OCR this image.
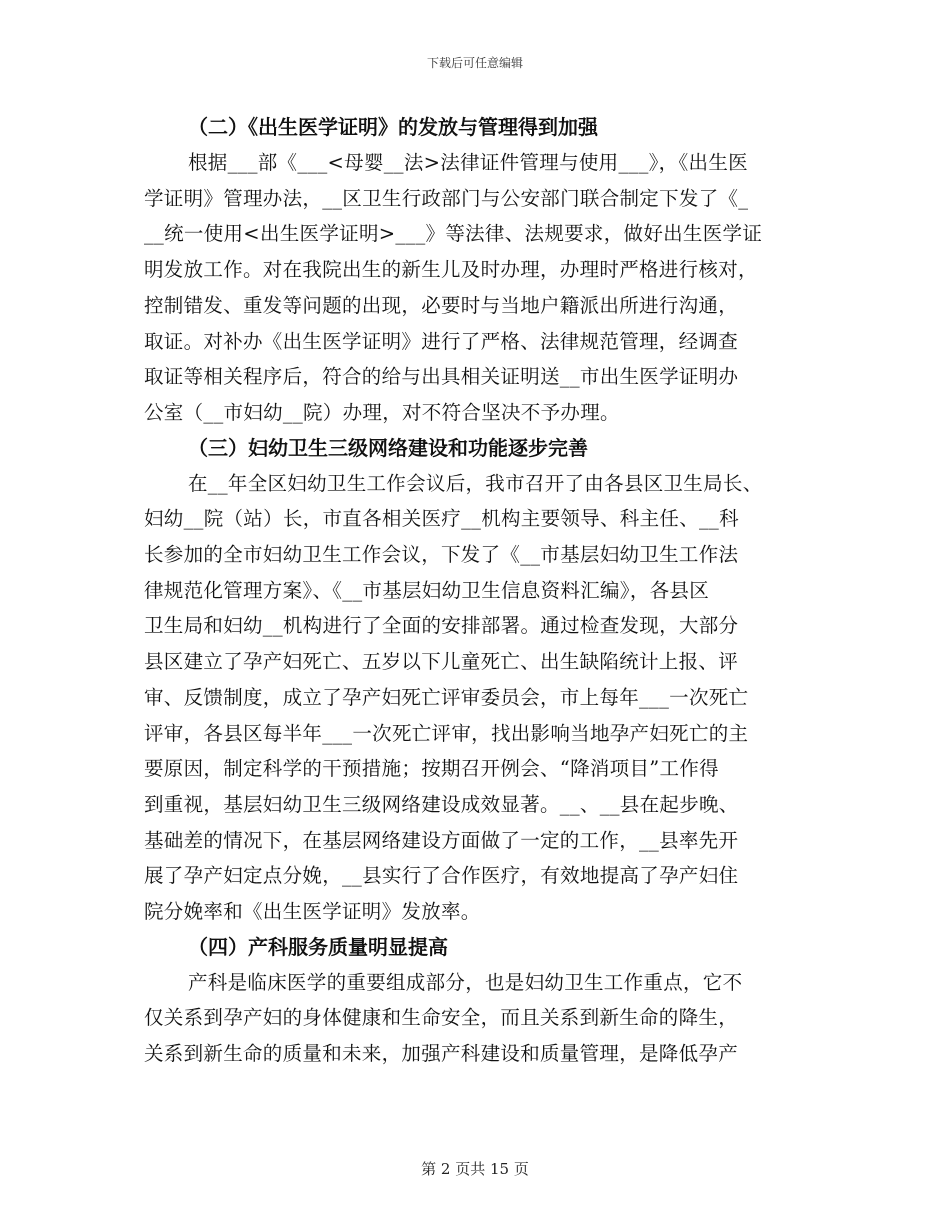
下载后可任意编辑
（二）《出生医学证明》的发放与管理得到加强
根据___部《___<母婴__法>法律证件管理与使用___》，《出生医
学证明》管理办法，__区卫生行政部门与公安部门联合制定下发了《_
__统一使用<出生医学证明>___》等法律、法规要求，做好出生医学证
明发放工作。对在我院出生的新生儿及时办理，办理时严格进行核对，
控制错发、重发等问题的出现，必要时与当地户籍派出所进行沟通，
取证。对补办《出生医学证明》进行了严格、法律规范管理，经调查
取证等相关程序后，符合的给与出具相关证明送__市出生医学证明办
公室（__市妇幼__院）办理，对不符合坚决不予办理。
（三）妇幼卫生三级网络建设和功能逐步完善
在__年全区妇幼卫生工作会议后，我市召开了由各县区卫生局长、
妇幼__院（站）长，市直各相关医疗__机构主要领导、科主任、__科
长参加的全市妇幼卫生工作会议，下发了《__市基层妇幼卫生工作法
律规范化管理方案》、《__市基层妇幼卫生信息资料汇编》，各县区
卫生局和妇幼__机构进行了全面的安排部署。通过检查发现，大部分
县区建立了孕产妇死亡、五岁以下儿童死亡、出生缺陷统计上报、评
审、反馈制度，成立了孕产妇死亡评审委员会，市上每年___一次死亡
评审，各县区每半年___一次死亡评审，找出影响当地孕产妇死亡的主
要原因，制定科学的干预措施；按期召开例会、“降消项目”工作得
到重视，基层妇幼卫生三级网络建设成效显著。__、__县在起步晚、
基础差的情况下，在基层网络建设方面做了一定的工作，__县率先开
展了孕产妇定点分娩，__县实行了合作医疗，有效地提高了孕产妇住
院分娩率和《出生医学证明》发放率。
（四）产科服务质量明显提高
产科是临床医学的重要组成部分，也是妇幼卫生工作重点，它不
仅关系到孕产妇的身体健康和生命安全，而且关系到新生命的降生，
关系到新生命的质量和未来，加强产科建设和质量管理，是降低孕产
第 2 页共 15 页
